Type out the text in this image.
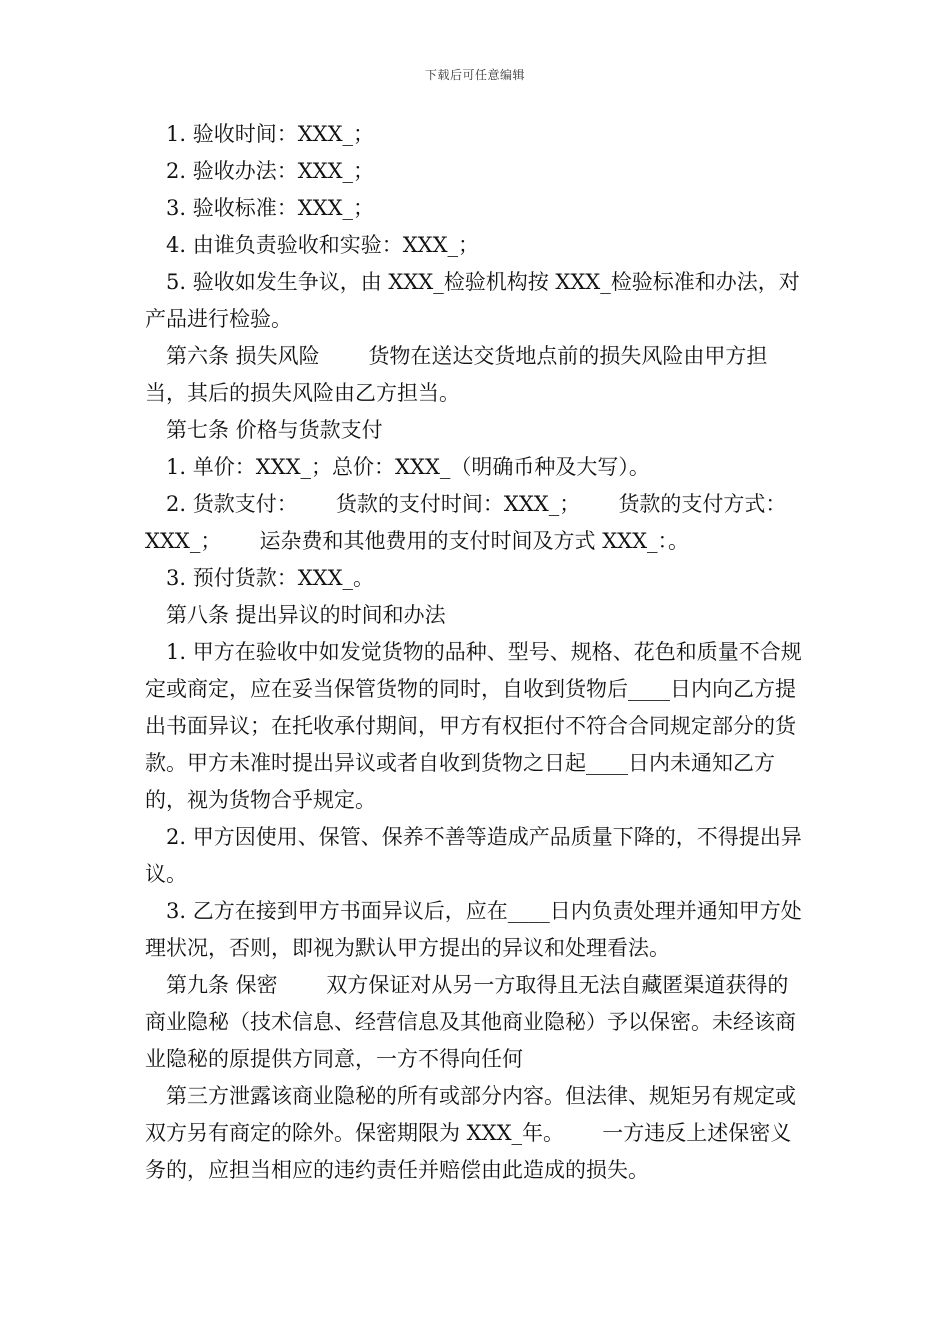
下载后可任意编辑

1. 验收时间：XXX_；

2. 验收办法：XXX_；

3. 验收标准：XXX_；

4. 由谁负责验收和实验：XXX_；

5. 验收如发生争议，由 XXX_检验机构按 XXX_检验标准和办法，对产品进行检验。

第六条 损失风险 　　货物在送达交货地点前的损失风险由甲方担当，其后的损失风险由乙方担当。

第七条 价格与货款支付

1. 单价：XXX_；总价：XXX_（明确币种及大写）。

2. 货款支付：　　 货款的支付时间：XXX_；　　 货款的支付方式：XXX_；　　 运杂费和其他费用的支付时间及方式 XXX_：。

3. 预付货款：XXX_。

第八条 提出异议的时间和办法

1. 甲方在验收中如发觉货物的品种、型号、规格、花色和质量不合规定或商定，应在妥当保管货物的同时，自收到货物后____日内向乙方提出书面异议；在托收承付期间，甲方有权拒付不符合合同规定部分的货款。甲方未准时提出异议或者自收到货物之日起____日内未通知乙方的，视为货物合乎规定。

2. 甲方因使用、保管、保养不善等造成产品质量下降的，不得提出异议。

3. 乙方在接到甲方书面异议后，应在____日内负责处理并通知甲方处理状况，否则，即视为默认甲方提出的异议和处理看法。

第九条 保密 　　双方保证对从另一方取得且无法自藏匿渠道获得的商业隐秘（技术信息、经营信息及其他商业隐秘）予以保密。未经该商业隐秘的原提供方同意，一方不得向任何

第三方泄露该商业隐秘的所有或部分内容。但法律、规矩另有规定或双方另有商定的除外。保密期限为 XXX_年。　　 一方违反上述保密义务的，应担当相应的违约责任并赔偿由此造成的损失。
